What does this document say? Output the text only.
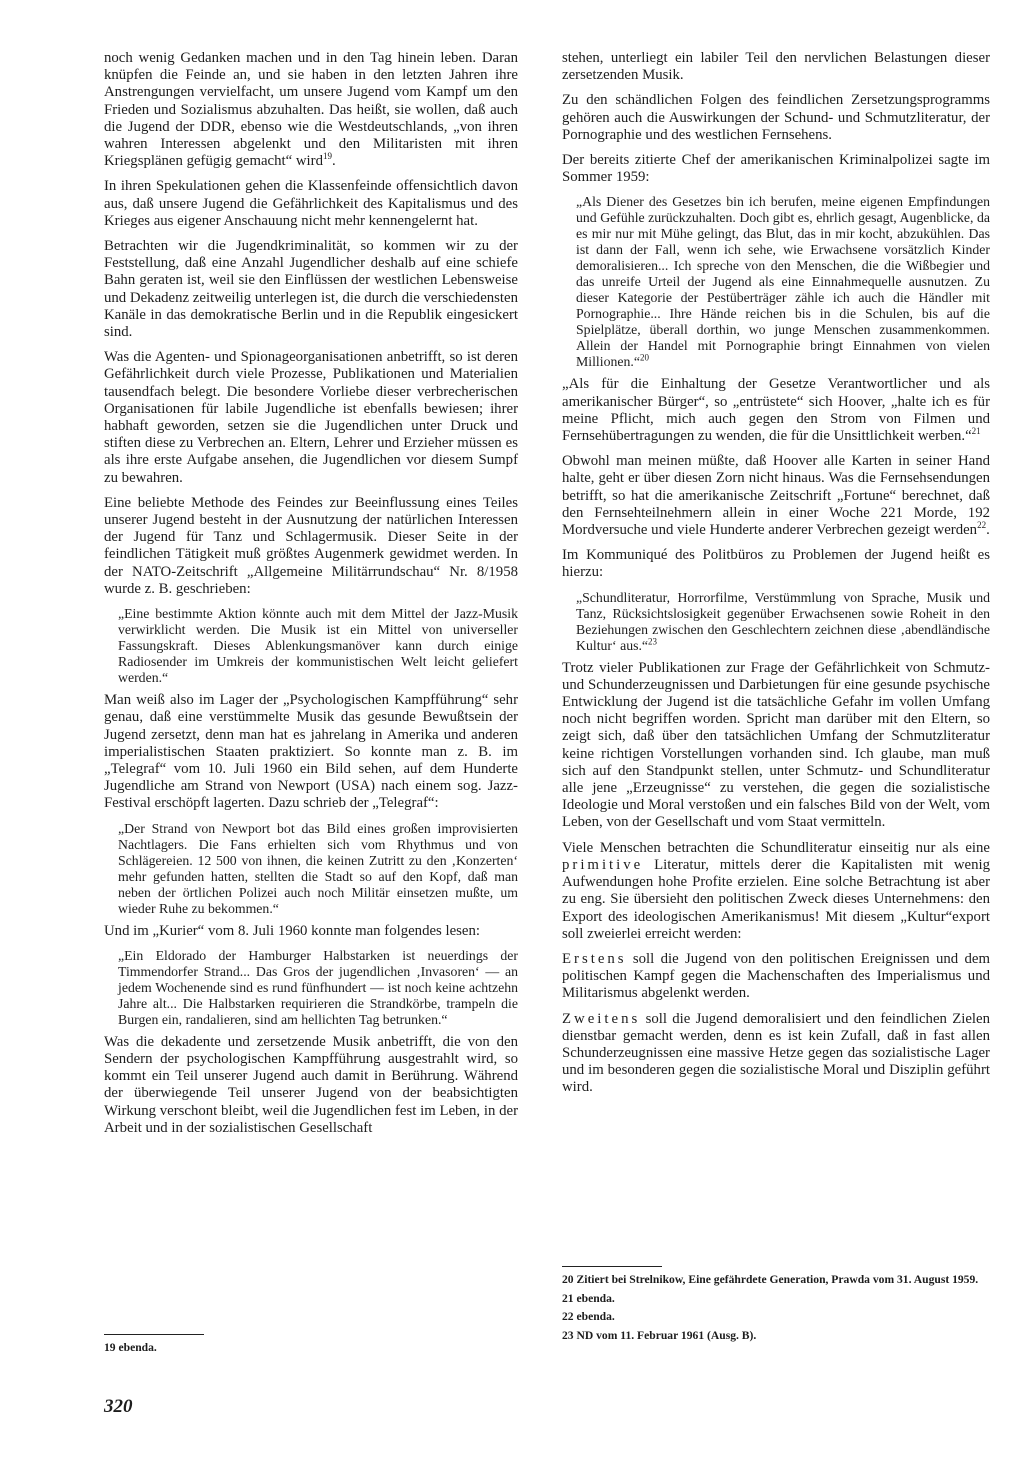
noch wenig Gedanken machen und in den Tag hinein leben. Daran knüpfen die Feinde an, und sie haben in den letzten Jahren ihre Anstrengungen vervielfacht, um unsere Jugend vom Kampf um den Frieden und Sozialismus abzuhalten. Das heißt, sie wollen, daß auch die Jugend der DDR, ebenso wie die Westdeutschlands, „von ihren wahren Interessen abgelenkt und den Militaristen mit ihren Kriegsplänen gefügig gemacht“ wird$^{19}$.

In ihren Spekulationen gehen die Klassenfeinde offensichtlich davon aus, daß unsere Jugend die Gefährlichkeit des Kapitalismus und des Krieges aus eigener Anschauung nicht mehr kennengelernt hat.

Betrachten wir die Jugendkriminalität, so kommen wir zu der Feststellung, daß eine Anzahl Jugendlicher deshalb auf eine schiefe Bahn geraten ist, weil sie den Einflüssen der westlichen Lebensweise und Dekadenz zeitweilig unterlegen ist, die durch die verschiedensten Kanäle in das demokratische Berlin und in die Republik eingesickert sind.

Was die Agenten- und Spionageorganisationen anbetrifft, so ist deren Gefährlichkeit durch viele Prozesse, Publikationen und Materialien tausendfach belegt. Die besondere Vorliebe dieser verbrecherischen Organisationen für labile Jugendliche ist ebenfalls bewiesen; ihrer habhaft geworden, setzen sie die Jugendlichen unter Druck und stiften diese zu Verbrechen an. Eltern, Lehrer und Erzieher müssen es als ihre erste Aufgabe ansehen, die Jugendlichen vor diesem Sumpf zu bewahren.

Eine beliebte Methode des Feindes zur Beeinflussung eines Teiles unserer Jugend besteht in der Ausnutzung der natürlichen Interessen der Jugend für Tanz und Schlagermusik. Dieser Seite in der feindlichen Tätigkeit muß größtes Augenmerk gewidmet werden. In der NATO-Zeitschrift „Allgemeine Militärrundschau“ Nr. 8/1958 wurde z. B. geschrieben:

„Eine bestimmte Aktion könnte auch mit dem Mittel der Jazz-Musik verwirklicht werden. Die Musik ist ein Mittel von universeller Fassungskraft. Dieses Ablenkungsmanöver kann durch einige Radiosender im Umkreis der kommunistischen Welt leicht geliefert werden.“

Man weiß also im Lager der „Psychologischen Kampfführung“ sehr genau, daß eine verstümmelte Musik das gesunde Bewußtsein der Jugend zersetzt, denn man hat es jahrelang in Amerika und anderen imperialistischen Staaten praktiziert. So konnte man z. B. im „Telegraf“ vom 10. Juli 1960 ein Bild sehen, auf dem Hunderte Jugendliche am Strand von Newport (USA) nach einem sog. Jazz-Festival erschöpft lagerten. Dazu schrieb der „Telegraf“:

„Der Strand von Newport bot das Bild eines großen improvisierten Nachtlagers. Die Fans erhielten sich vom Rhythmus und von Schlägereien. 12 500 von ihnen, die keinen Zutritt zu den ‚Konzerten‘ mehr gefunden hatten, stellten die Stadt so auf den Kopf, daß man neben der örtlichen Polizei auch noch Militär einsetzen mußte, um wieder Ruhe zu bekommen.“

Und im „Kurier“ vom 8. Juli 1960 konnte man folgendes lesen:

„Ein Eldorado der Hamburger Halbstarken ist neuerdings der Timmendorfer Strand... Das Gros der jugendlichen ‚Invasoren‘ — an jedem Wochenende sind es rund fünfhundert — ist noch keine achtzehn Jahre alt... Die Halbstarken requirieren die Strandkörbe, trampeln die Burgen ein, randalieren, sind am hellichten Tag betrunken.“

Was die dekadente und zersetzende Musik anbetrifft, die von den Sendern der psychologischen Kampfführung ausgestrahlt wird, so kommt ein Teil unserer Jugend auch damit in Berührung. Während der überwiegende Teil unserer Jugend von der beabsichtigten Wirkung verschont bleibt, weil die Jugendlichen fest im Leben, in der Arbeit und in der sozialistischen Gesellschaft

stehen, unterliegt ein labiler Teil den nervlichen Belastungen dieser zersetzenden Musik.

Zu den schändlichen Folgen des feindlichen Zersetzungsprogramms gehören auch die Auswirkungen der Schund- und Schmutzliteratur, der Pornographie und des westlichen Fernsehens.

Der bereits zitierte Chef der amerikanischen Kriminalpolizei sagte im Sommer 1959:

„Als Diener des Gesetzes bin ich berufen, meine eigenen Empfindungen und Gefühle zurückzuhalten. Doch gibt es, ehrlich gesagt, Augenblicke, da es mir nur mit Mühe gelingt, das Blut, das in mir kocht, abzukühlen. Das ist dann der Fall, wenn ich sehe, wie Erwachsene vorsätzlich Kinder demoralisieren... Ich spreche von den Menschen, die die Wißbegier und das unreife Urteil der Jugend als eine Einnahmequelle ausnutzen. Zu dieser Kategorie der Pestüberträger zähle ich auch die Händler mit Pornographie... Ihre Hände reichen bis in die Schulen, bis auf die Spielplätze, überall dorthin, wo junge Menschen zusammenkommen. Allein der Handel mit Pornographie bringt Einnahmen von vielen Millionen.“$^{20}$

„Als für die Einhaltung der Gesetze Verantwortlicher und als amerikanischer Bürger“, so „entrüstete“ sich Hoover, „halte ich es für meine Pflicht, mich auch gegen den Strom von Filmen und Fernsehübertragungen zu wenden, die für die Unsittlichkeit werben.“$^{21}$

Obwohl man meinen müßte, daß Hoover alle Karten in seiner Hand halte, geht er über diesen Zorn nicht hinaus. Was die Fernsehsendungen betrifft, so hat die amerikanische Zeitschrift „Fortune“ berechnet, daß den Fernsehteilnehmern allein in einer Woche 221 Morde, 192 Mordversuche und viele Hunderte anderer Verbrechen gezeigt werden$^{22}$.

Im Kommuniqué des Politbüros zu Problemen der Jugend heißt es hierzu:

„Schundliteratur, Horrorfilme, Verstümmlung von Sprache, Musik und Tanz, Rücksichtslosigkeit gegenüber Erwachsenen sowie Roheit in den Beziehungen zwischen den Geschlechtern zeichnen diese ‚abendländische Kultur‘ aus.“$^{23}$

Trotz vieler Publikationen zur Frage der Gefährlichkeit von Schmutz- und Schunderzeugnissen und Darbietungen für eine gesunde psychische Entwicklung der Jugend ist die tatsächliche Gefahr im vollen Umfang noch nicht begriffen worden. Spricht man darüber mit den Eltern, so zeigt sich, daß über den tatsächlichen Umfang der Schmutzliteratur keine richtigen Vorstellungen vorhanden sind. Ich glaube, man muß sich auf den Standpunkt stellen, unter Schmutz- und Schundliteratur alle jene „Erzeugnisse“ zu verstehen, die gegen die sozialistische Ideologie und Moral verstoßen und ein falsches Bild von der Welt, vom Leben, von der Gesellschaft und vom Staat vermitteln.

Viele Menschen betrachten die Schundliteratur einseitig nur als eine primitive Literatur, mittels derer die Kapitalisten mit wenig Aufwendungen hohe Profite erzielen. Eine solche Betrachtung ist aber zu eng. Sie übersieht den politischen Zweck dieses Unternehmens: den Export des ideologischen Amerikanismus! Mit diesem „Kultur“export soll zweierlei erreicht werden:

Erstens soll die Jugend von den politischen Ereignissen und dem politischen Kampf gegen die Machenschaften des Imperialismus und Militarismus abgelenkt werden.

Zweitens soll die Jugend demoralisiert und den feindlichen Zielen dienstbar gemacht werden, denn es ist kein Zufall, daß in fast allen Schunderzeugnissen eine massive Hetze gegen das sozialistische Lager und im besonderen gegen die sozialistische Moral und Disziplin geführt wird.

19 ebenda.

20 Zitiert bei Strelnikow, Eine gefährdete Generation, Prawda vom 31. August 1959.

21 ebenda.

22 ebenda.

23 ND vom 11. Februar 1961 (Ausg. B).

320
